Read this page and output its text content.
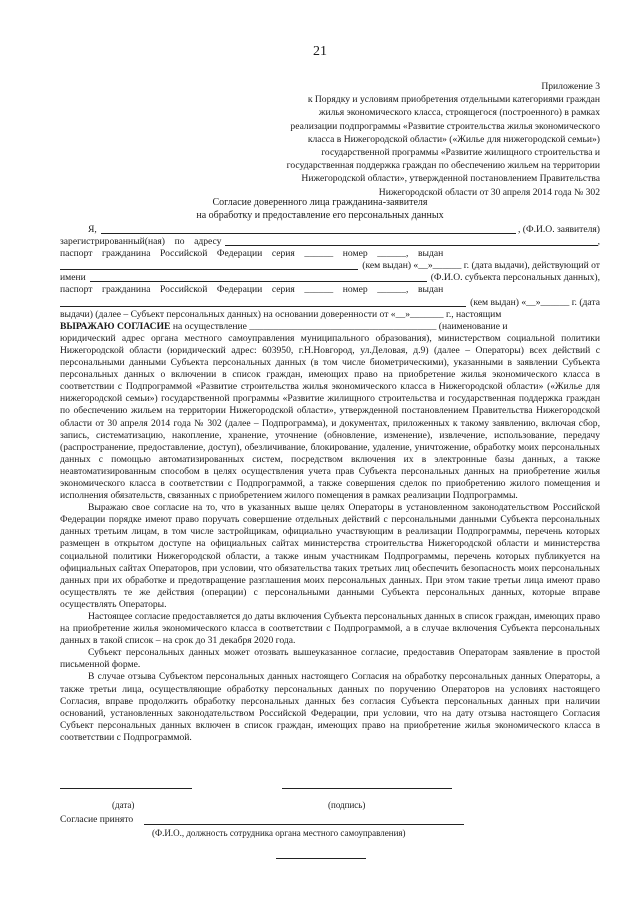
21
Приложение 3
к Порядку и условиям приобретения отдельными категориями граждан
жилья экономического класса, строящегося (построенного) в рамках
реализации подпрограммы «Развитие строительства жилья экономического
класса в Нижегородской области» («Жилье для нижегородской семьи»)
государственной программы «Развитие жилищного строительства и
государственная поддержка граждан по обеспечению жильем на территории
Нижегородской области», утвержденной постановлением Правительства
Нижегородской области от 30 апреля 2014 года № 302
Согласие доверенного лица гражданина-заявителя
на обработку и предоставление его персональных данных
Я,	, (Ф.И.О. заявителя)
зарегистрированный(ная)    по    адресу	,
паспорт    гражданина    Российской    Федерации    серия    ______    номер    ______,    выдан
(кем выдан) «__»______ г. (дата выдачи), действующий от
имени	(Ф.И.О. субъекта персональных данных),
паспорт    гражданина    Российской    Федерации    серия    ______    номер    ______,    выдан
(кем выдан) «__»______ г. (дата
выдачи) (далее – Субъект персональных данных) на основании доверенности от «__»_______ г., настоящим
ВЫРАЖАЮ СОГЛАСИЕ на осуществление _______________________________________ (наименование и
юридический адрес органа местного самоуправления муниципального образования), министерством социальной политики Нижегородской области (юридический адрес: 603950, г.Н.Новгород, ул.Деловая, д.9) (далее – Операторы) всех действий с персональными данными Субъекта персональных данных (в том числе биометрическими), указанными в заявлении Субъекта персональных данных о включении в список граждан, имеющих право на приобретение жилья экономического класса в соответствии с Подпрограммой «Развитие строительства жилья экономического класса в Нижегородской области» («Жилье для нижегородской семьи») государственной программы «Развитие жилищного строительства и государственная поддержка граждан по обеспечению жильем на территории Нижегородской области», утвержденной постановлением Правительства Нижегородской области от 30 апреля 2014 года № 302 (далее – Подпрограмма), и документах, приложенных к такому заявлению, включая сбор, запись, систематизацию, накопление, хранение, уточнение (обновление, изменение), извлечение, использование, передачу (распространение, предоставление, доступ), обезличивание, блокирование, удаление, уничтожение, обработку моих персональных данных с помощью автоматизированных систем, посредством включения их в электронные базы данных, а также неавтоматизированным способом в целях осуществления учета прав Субъекта персональных данных на приобретение жилья экономического класса в соответствии с Подпрограммой, а также совершения сделок по приобретению жилого помещения и исполнения обязательств, связанных с приобретением жилого помещения в рамках реализации Подпрограммы.
Выражаю свое согласие на то, что в указанных выше целях Операторы в установленном законодательством Российской Федерации порядке имеют право поручать совершение отдельных действий с персональными данными Субъекта персональных данных третьим лицам, в том числе застройщикам, официально участвующим в реализации Подпрограммы, перечень которых размещен в открытом доступе на официальных сайтах министерства строительства Нижегородской области и министерства социальной политики Нижегородской области, а также иным участникам Подпрограммы, перечень которых публикуется на официальных сайтах Операторов, при условии, что обязательства таких третьих лиц обеспечить безопасность моих персональных данных при их обработке и предотвращение разглашения моих персональных данных. При этом такие третьи лица имеют право осуществлять те же действия (операции) с персональными данными Субъекта персональных данных, которые вправе осуществлять Операторы.
Настоящее согласие предоставляется до даты включения Субъекта персональных данных в список граждан, имеющих право на приобретение жилья экономического класса в соответствии с Подпрограммой, а в случае включения Субъекта персональных данных в такой список – на срок до 31 декабря 2020 года.
Субъект персональных данных может отозвать вышеуказанное согласие, предоставив Операторам заявление в простой письменной форме.
В случае отзыва Субъектом персональных данных настоящего Согласия на обработку персональных данных Операторы, а также третьи лица, осуществляющие обработку персональных данных по поручению Операторов на условиях настоящего Согласия, вправе продолжить обработку персональных данных без согласия Субъекта персональных данных при наличии оснований, установленных законодательством Российской Федерации, при условии, что на дату отзыва настоящего Согласия Субъект персональных данных включен в список граждан, имеющих право на приобретение жилья экономического класса в соответствии с Подпрограммой.
(дата)	(подпись)
Согласие принято
(Ф.И.О., должность сотрудника органа местного самоуправления)
